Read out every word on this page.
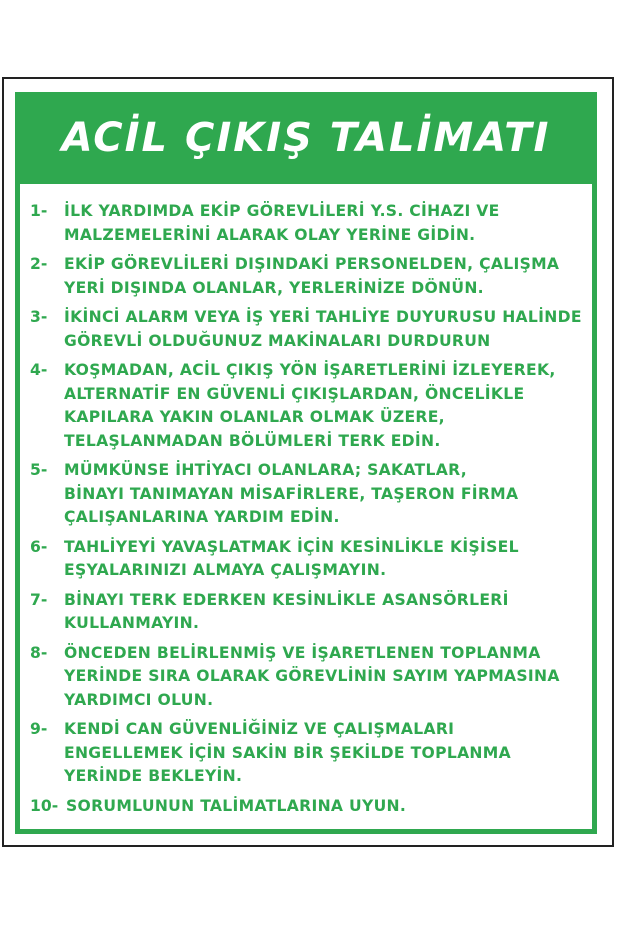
ACİL ÇIKIŞ TALİMATI
1-	İLK YARDIMDA EKİP GÖREVLİLERİ Y.S. CİHAZI VE
MALZEMELERİNİ ALARAK OLAY YERİNE GİDİN.
2-	EKİP GÖREVLİLERİ DIŞINDAKİ PERSONELDEN, ÇALIŞMA
YERİ DIŞINDA OLANLAR, YERLERİNİZE DÖNÜN.
3-	İKİNCİ ALARM VEYA İŞ YERİ TAHLİYE DUYURUSU HALİNDE
GÖREVLİ OLDUĞUNUZ MAKİNALARI DURDURUN
4-	KOŞMADAN, ACİL ÇIKIŞ YÖN İŞARETLERİNİ İZLEYEREK,
ALTERNATİF EN GÜVENLİ ÇIKIŞLARDAN, ÖNCELİKLE
KAPILARA YAKIN OLANLAR OLMAK ÜZERE,
TELAŞLANMADAN BÖLÜMLERİ TERK EDİN.
5-	MÜMKÜNSE İHTİYACI OLANLARA; SAKATLAR,
BİNAYI TANIMAYAN MİSAFİRLERE, TAŞERON FİRMA
ÇALIŞANLARINA YARDIM EDİN.
6-	TAHLİYEYİ YAVAŞLATMAK İÇİN KESİNLİKLE KİŞİSEL
EŞYALARINIZI ALMAYA ÇALIŞMAYIN.
7-	BİNAYI TERK EDERKEN KESİNLİKLE ASANSÖRLERİ
KULLANMAYIN.
8-	ÖNCEDEN BELİRLENMİŞ VE İŞARETLENEN TOPLANMA
YERİNDE SIRA OLARAK GÖREVLİNİN SAYIM YAPMASINA
YARDIMCI OLUN.
9-	KENDİ CAN GÜVENLİĞİNİZ VE ÇALIŞMALARI
ENGELLEMEK İÇİN SAKİN BİR ŞEKİLDE TOPLANMA
YERİNDE BEKLEYİN.
10- SORUMLUNUN TALİMATLARINA UYUN.
